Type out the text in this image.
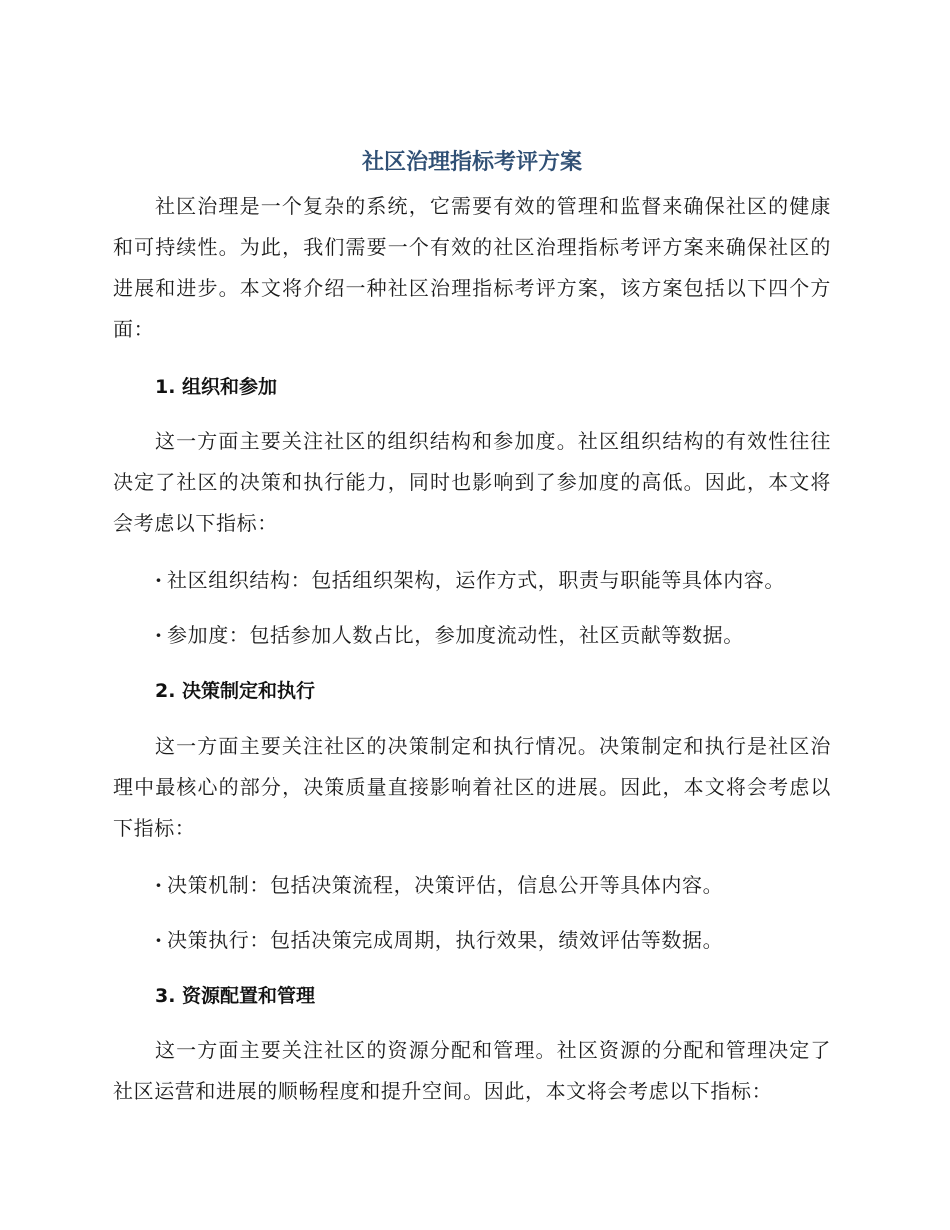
社区治理指标考评方案

社区治理是一个复杂的系统，它需要有效的管理和监督来确保社区的健康和可持续性。为此，我们需要一个有效的社区治理指标考评方案来确保社区的进展和进步。本文将介绍一种社区治理指标考评方案，该方案包括以下四个方面：

1. 组织和参加

这一方面主要关注社区的组织结构和参加度。社区组织结构的有效性往往决定了社区的决策和执行能力，同时也影响到了参加度的高低。因此，本文将会考虑以下指标：

· 社区组织结构：包括组织架构，运作方式，职责与职能等具体内容。

· 参加度：包括参加人数占比，参加度流动性，社区贡献等数据。

2. 决策制定和执行

这一方面主要关注社区的决策制定和执行情况。决策制定和执行是社区治理中最核心的部分，决策质量直接影响着社区的进展。因此，本文将会考虑以下指标：

· 决策机制：包括决策流程，决策评估，信息公开等具体内容。

· 决策执行：包括决策完成周期，执行效果，绩效评估等数据。

3. 资源配置和管理

这一方面主要关注社区的资源分配和管理。社区资源的分配和管理决定了社区运营和进展的顺畅程度和提升空间。因此，本文将会考虑以下指标：
